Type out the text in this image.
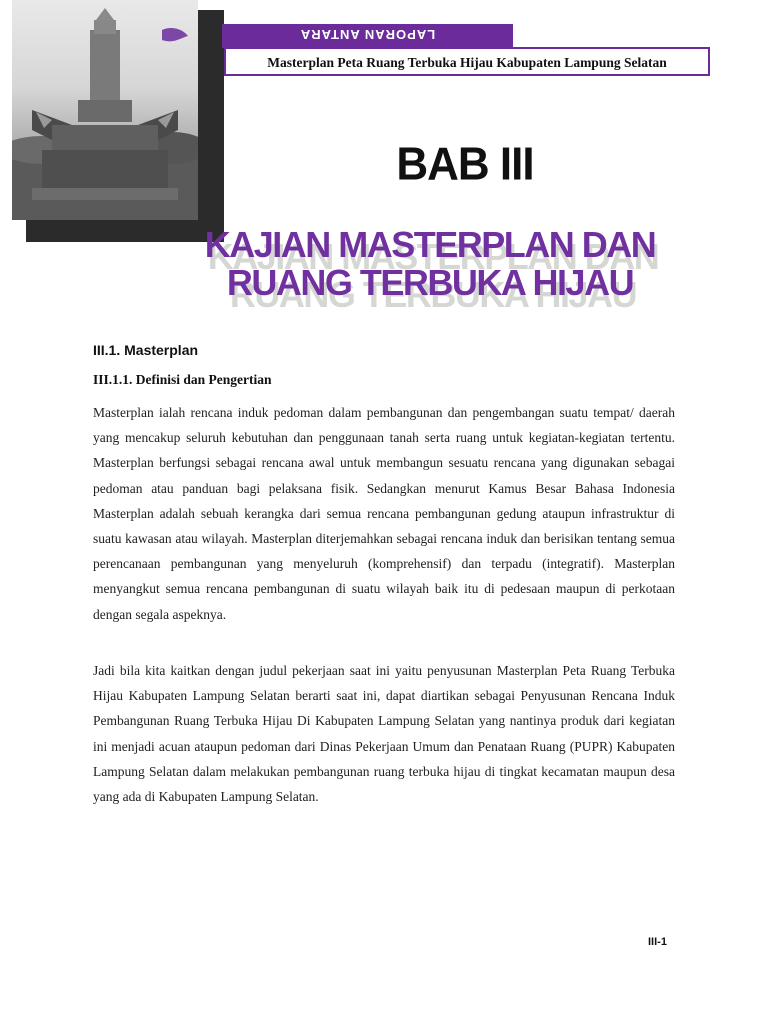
LAPORAN ANTARA
Masterplan Peta Ruang Terbuka Hijau Kabupaten Lampung Selatan
BAB III
KAJIAN MASTERPLAN DAN
RUANG TERBUKA HIJAU
III.1. Masterplan
III.1.1. Definisi dan Pengertian

Masterplan ialah rencana induk pedoman dalam pembangunan dan pengembangan suatu tempat/ daerah yang mencakup seluruh kebutuhan dan penggunaan tanah serta ruang untuk kegiatan-kegiatan tertentu. Masterplan berfungsi sebagai rencana awal untuk membangun sesuatu rencana yang digunakan sebagai pedoman atau panduan bagi pelaksana fisik. Sedangkan menurut Kamus Besar Bahasa Indonesia Masterplan adalah sebuah kerangka dari semua rencana pembangunan gedung ataupun infrastruktur di suatu kawasan atau wilayah. Masterplan diterjemahkan sebagai rencana induk dan berisikan tentang semua perencanaan pembangunan yang menyeluruh (komprehensif) dan terpadu (integratif). Masterplan menyangkut semua rencana pembangunan di suatu wilayah baik itu di pedesaan maupun di perkotaan dengan segala aspeknya.

Jadi bila kita kaitkan dengan judul pekerjaan saat ini yaitu penyusunan Masterplan Peta Ruang Terbuka Hijau Kabupaten Lampung Selatan berarti saat ini, dapat diartikan sebagai Penyusunan Rencana Induk Pembangunan Ruang Terbuka Hijau Di Kabupaten Lampung Selatan yang nantinya produk dari kegiatan ini menjadi acuan ataupun pedoman dari Dinas Pekerjaan Umum dan Penataan Ruang (PUPR) Kabupaten Lampung Selatan dalam melakukan pembangunan ruang terbuka hijau di tingkat kecamatan maupun desa yang ada di Kabupaten Lampung Selatan.

III-1
